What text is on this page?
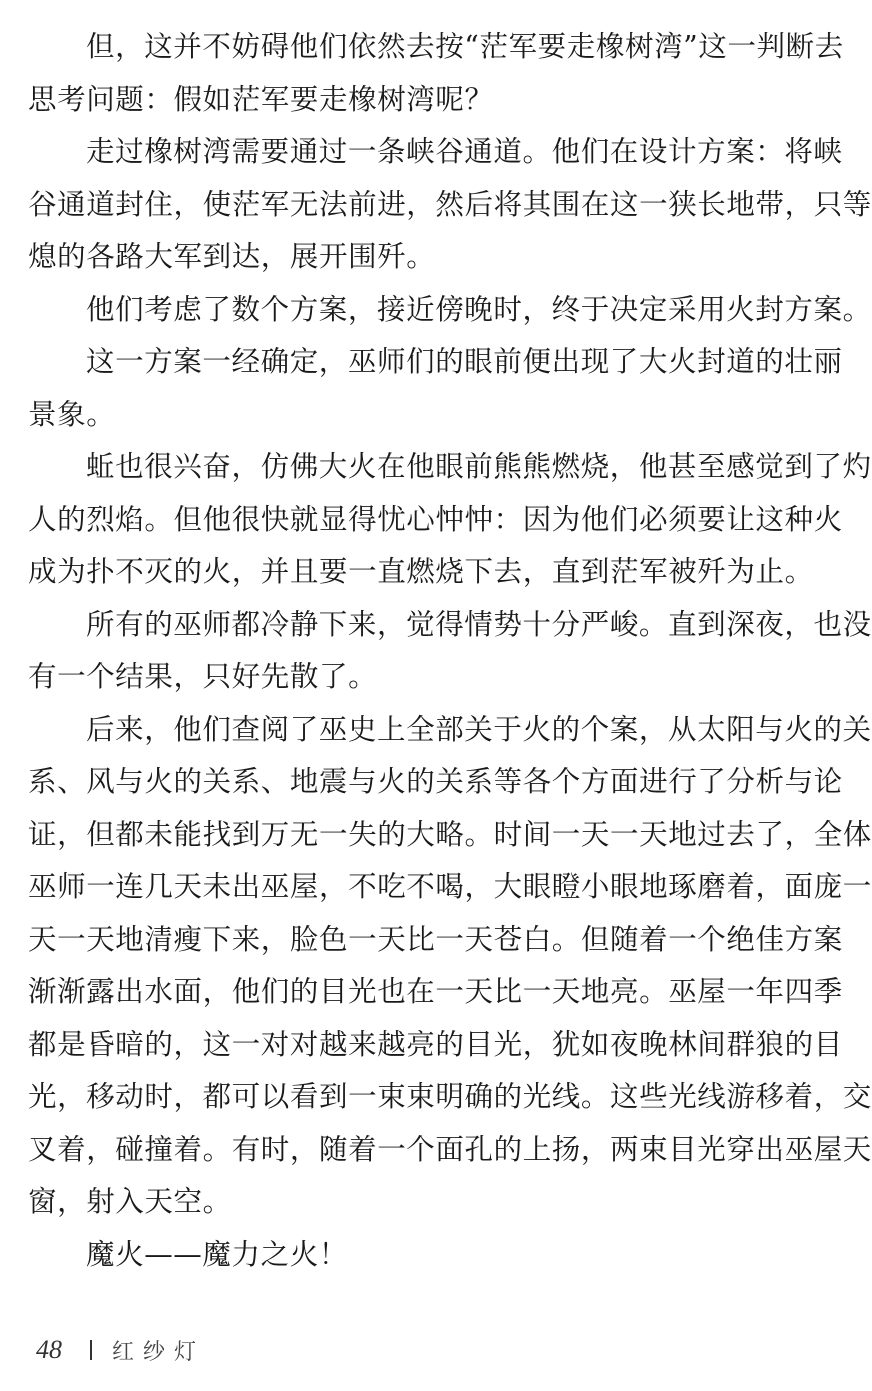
但，这并不妨碍他们依然去按“茫军要走橡树湾”这一判断去
思考问题：假如茫军要走橡树湾呢？
走过橡树湾需要通过一条峡谷通道。他们在设计方案：将峡
谷通道封住，使茫军无法前进，然后将其围在这一狭长地带，只等
熄的各路大军到达，展开围歼。
他们考虑了数个方案，接近傍晚时，终于决定采用火封方案。
这一方案一经确定，巫师们的眼前便出现了大火封道的壮丽
景象。
蚯也很兴奋，仿佛大火在他眼前熊熊燃烧，他甚至感觉到了灼
人的烈焰。但他很快就显得忧心忡忡：因为他们必须要让这种火
成为扑不灭的火，并且要一直燃烧下去，直到茫军被歼为止。
所有的巫师都冷静下来，觉得情势十分严峻。直到深夜，也没
有一个结果，只好先散了。
后来，他们查阅了巫史上全部关于火的个案，从太阳与火的关
系、风与火的关系、地震与火的关系等各个方面进行了分析与论
证，但都未能找到万无一失的大略。时间一天一天地过去了，全体
巫师一连几天未出巫屋，不吃不喝，大眼瞪小眼地琢磨着，面庞一
天一天地清瘦下来，脸色一天比一天苍白。但随着一个绝佳方案
渐渐露出水面，他们的目光也在一天比一天地亮。巫屋一年四季
都是昏暗的，这一对对越来越亮的目光，犹如夜晚林间群狼的目
光，移动时，都可以看到一束束明确的光线。这些光线游移着，交
叉着，碰撞着。有时，随着一个面孔的上扬，两束目光穿出巫屋天
窗，射入天空。
魔火——魔力之火！
48	红纱灯
